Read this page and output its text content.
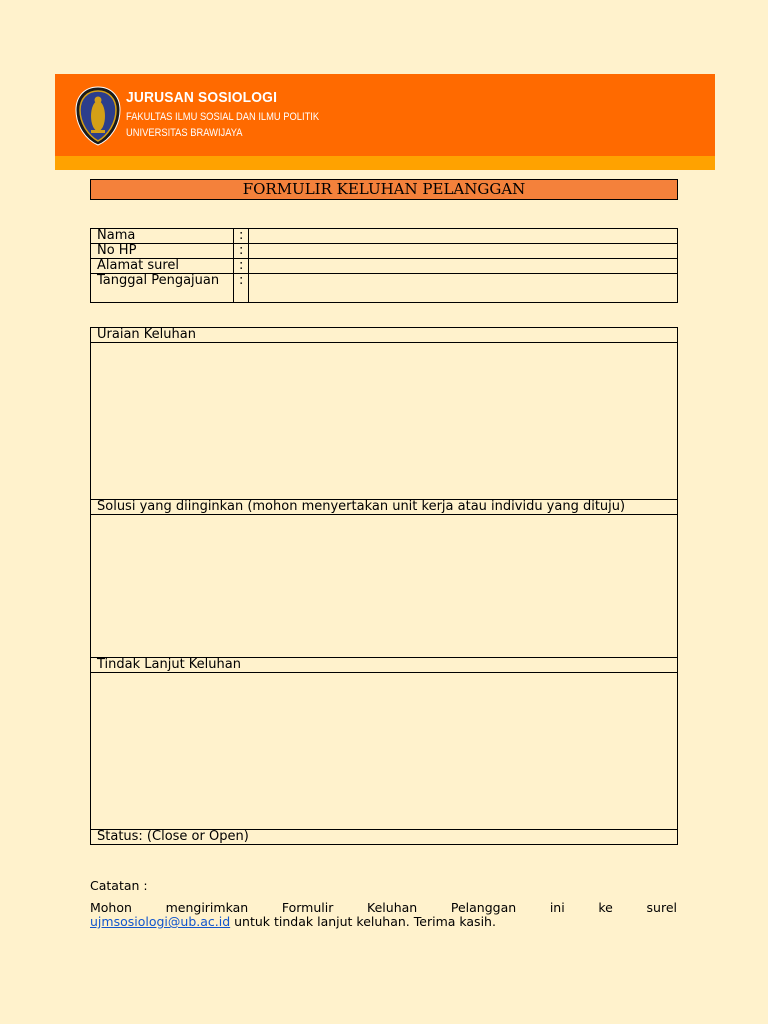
JURUSAN SOSIOLOGI
FAKULTAS ILMU SOSIAL DAN ILMU POLITIK
UNIVERSITAS BRAWIJAYA
FORMULIR KELUHAN PELANGGAN
Nama	:	
No HP	:	
Alamat surel	:	
Tanggal Pengajuan	:	
Uraian Keluhan
Solusi yang diinginkan (mohon menyertakan unit kerja atau individu yang dituju)
Tindak Lanjut Keluhan
Status: (Close or Open)
Catatan :
Mohon mengirimkan Formulir Keluhan Pelanggan ini ke surel
ujmsosiologi@ub.ac.id untuk tindak lanjut keluhan. Terima kasih.
